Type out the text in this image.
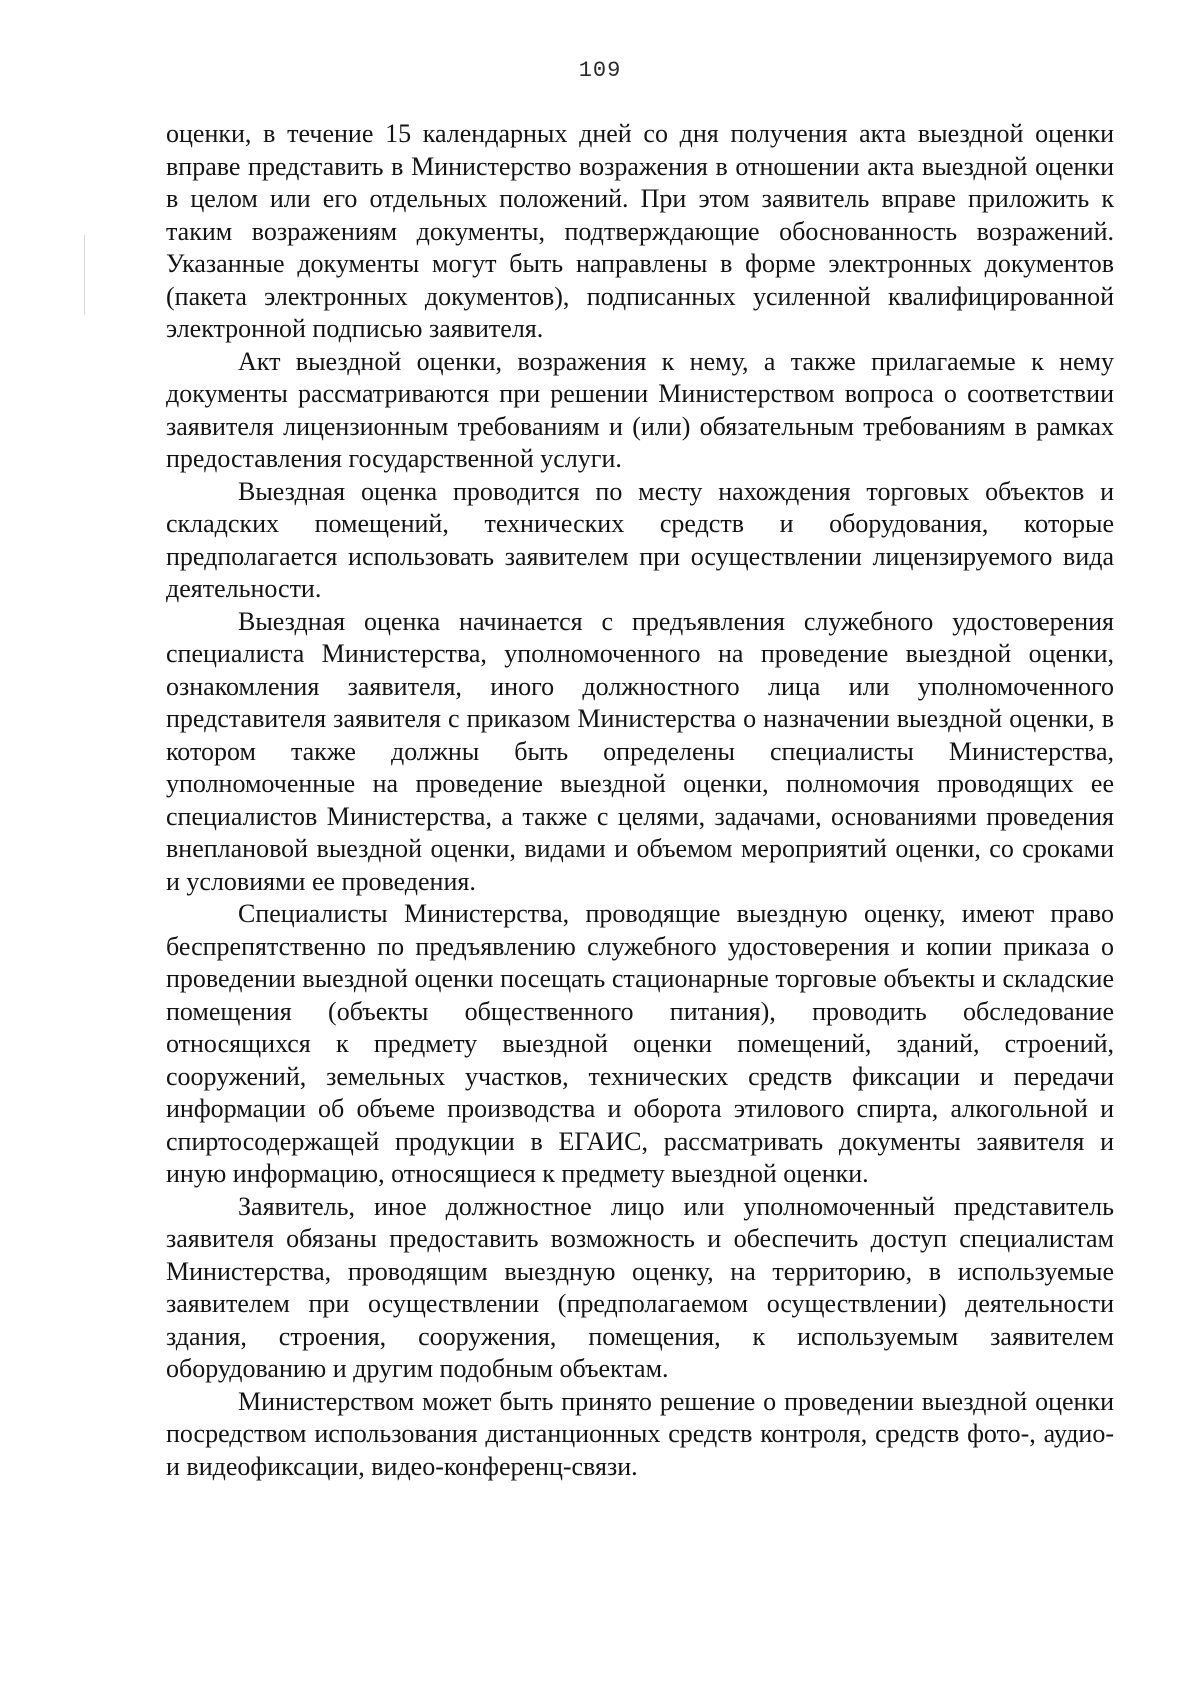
109

оценки, в течение 15 календарных дней со дня получения акта выездной оценки вправе представить в Министерство возражения в отношении акта выездной оценки в целом или его отдельных положений. При этом заявитель вправе приложить к таким возражениям документы, подтверждающие обоснованность возражений. Указанные документы могут быть направлены в форме электронных документов (пакета электронных документов), подписанных усиленной квалифицированной электронной подписью заявителя.

Акт выездной оценки, возражения к нему, а также прилагаемые к нему документы рассматриваются при решении Министерством вопроса о соответствии заявителя лицензионным требованиям и (или) обязательным требованиям в рамках предоставления государственной услуги.

Выездная оценка проводится по месту нахождения торговых объектов и складских помещений, технических средств и оборудования, которые предполагается использовать заявителем при осуществлении лицензируемого вида деятельности.

Выездная оценка начинается с предъявления служебного удостоверения специалиста Министерства, уполномоченного на проведение выездной оценки, ознакомления заявителя, иного должностного лица или уполномоченного представителя заявителя с приказом Министерства о назначении выездной оценки, в котором также должны быть определены специалисты Министерства, уполномоченные на проведение выездной оценки, полномочия проводящих ее специалистов Министерства, а также с целями, задачами, основаниями проведения внеплановой выездной оценки, видами и объемом мероприятий оценки, со сроками и условиями ее проведения.

Специалисты Министерства, проводящие выездную оценку, имеют право беспрепятственно по предъявлению служебного удостоверения и копии приказа о проведении выездной оценки посещать стационарные торговые объекты и складские помещения (объекты общественного питания), проводить обследование относящихся к предмету выездной оценки помещений, зданий, строений, сооружений, земельных участков, технических средств фиксации и передачи информации об объеме производства и оборота этилового спирта, алкогольной и спиртосодержащей продукции в ЕГАИС, рассматривать документы заявителя и иную информацию, относящиеся к предмету выездной оценки.

Заявитель, иное должностное лицо или уполномоченный представитель заявителя обязаны предоставить возможность и обеспечить доступ специалистам Министерства, проводящим выездную оценку, на территорию, в используемые заявителем при осуществлении (предполагаемом осуществлении) деятельности здания, строения, сооружения, помещения, к используемым заявителем оборудованию и другим подобным объектам.

Министерством может быть принято решение о проведении выездной оценки посредством использования дистанционных средств контроля, средств фото-, аудио- и видеофиксации, видео-конференц-связи.
